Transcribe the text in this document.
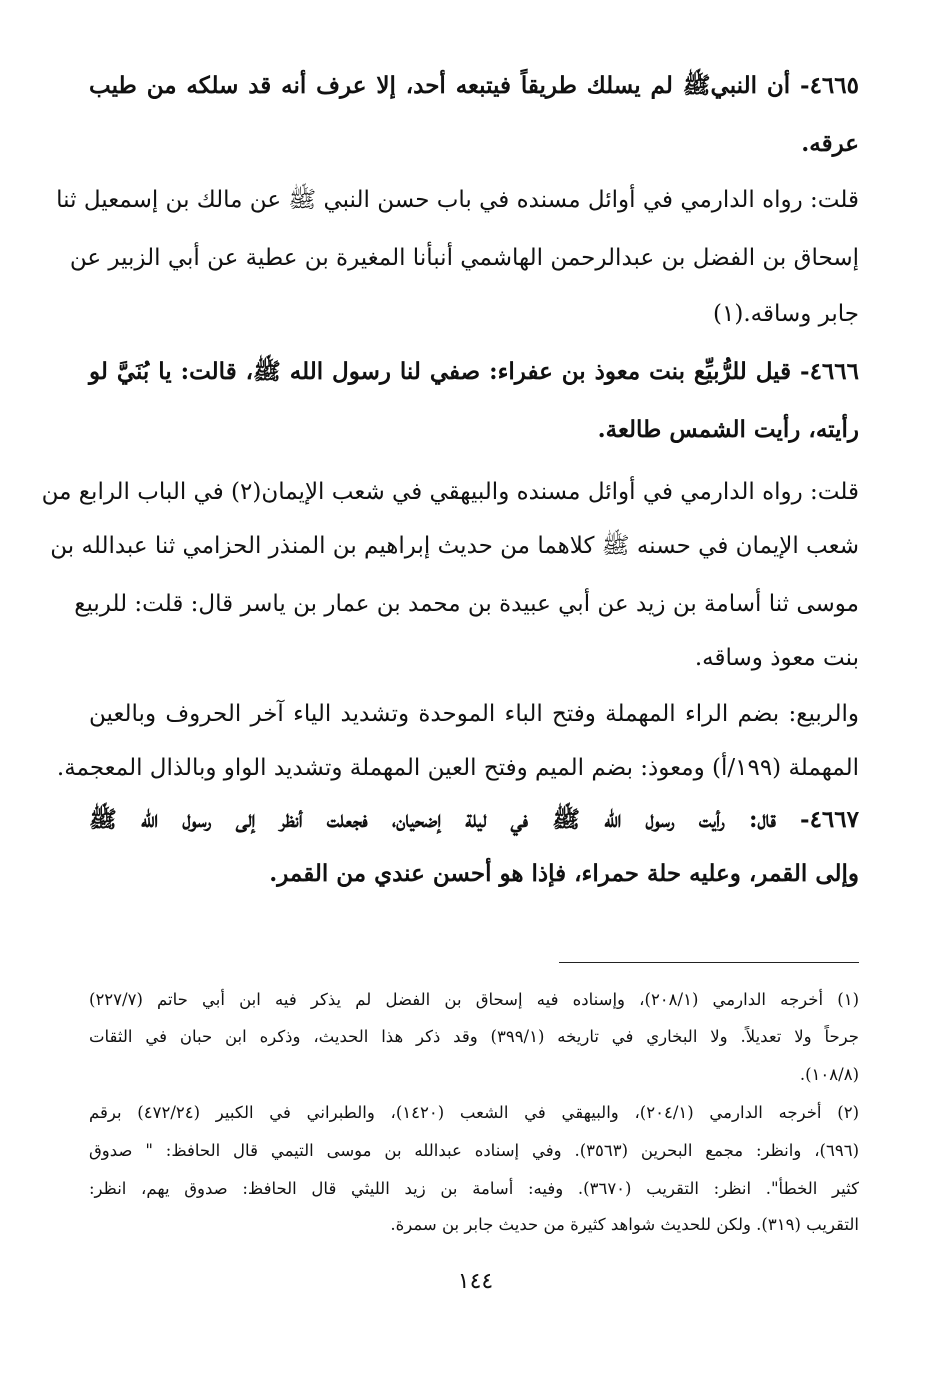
٤٦٦٥- أن النبيﷺ لم يسلك طريقاً فيتبعه أحد، إلا عرف أنه قد سلكه من طيب
عرقه.
قلت: رواه الدارمي في أوائل مسنده في باب حسن النبي ﷺ عن مالك بن إسمعيل ثنا
إسحاق بن الفضل بن عبدالرحمن الهاشمي أنبأنا المغيرة بن عطية عن أبي الزبير عن
جابر وساقه.(١)
٤٦٦٦- قيل للرُّبيِّع بنت معوذ بن عفراء: صفي لنا رسول الله ﷺ، قالت: يا بُنَيَّ لو
رأيته، رأيت الشمس طالعة.
قلت: رواه الدارمي في أوائل مسنده والبيهقي في شعب الإيمان(٢) في الباب الرابع من
شعب الإيمان في حسنه ﷺ كلاهما من حديث إبراهيم بن المنذر الحزامي ثنا عبدالله بن
موسى ثنا أسامة بن زيد عن أبي عبيدة بن محمد بن عمار بن ياسر قال: قلت: للربيع
بنت معوذ وساقه.
والربيع: بضم الراء المهملة وفتح الباء الموحدة وتشديد الياء آخر الحروف وبالعين
المهملة (١٩٩/أ) ومعوذ: بضم الميم وفتح العين المهملة وتشديد الواو وبالذال المعجمة.
٤٦٦٧- قال: رأيت رسول الله ﷺ في ليلة إضحيان، فجعلت أنظر إلى رسول الله ﷺ
وإلى القمر، وعليه حلة حمراء، فإذا هو أحسن عندي من القمر.
(١) أخرجه الدارمي (٢٠٨/١)، وإسناده فيه إسحاق بن الفضل لم يذكر فيه ابن أبي حاتم (٢٢٧/٧)
جرحاً ولا تعديلاً. ولا البخاري في تاريخه (٣٩٩/١) وقد ذكر هذا الحديث، وذكره ابن حبان في الثقات
(١٠٨/٨).
(٢) أخرجه الدارمي (٢٠٤/١)، والبيهقي في الشعب (١٤٢٠)، والطبراني في الكبير (٤٧٢/٢٤) برقم
(٦٩٦)، وانظر: مجمع البحرين (٣٥٦٣). وفي إسناده عبدالله بن موسى التيمي قال الحافظ: " صدوق
كثير الخطأ". انظر: التقريب (٣٦٧٠). وفيه: أسامة بن زيد الليثي قال الحافظ: صدوق يهم، انظر:
التقريب (٣١٩). ولكن للحديث شواهد كثيرة من حديث جابر بن سمرة.
١٤٤
